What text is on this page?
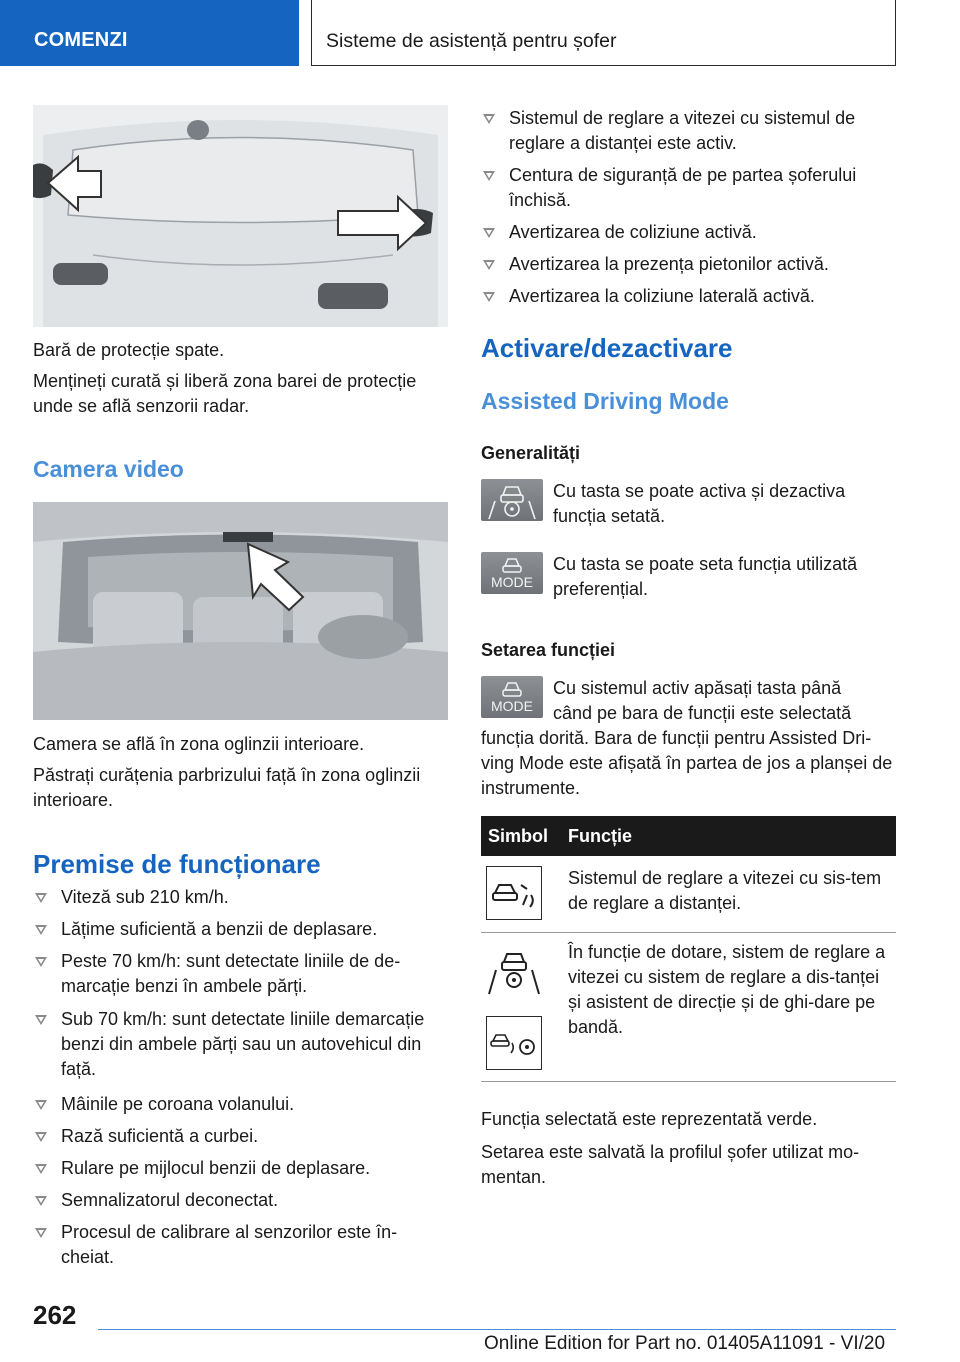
COMENZI	Sisteme de asistență pentru șofer
Bară de protecție spate.
Mențineți curată și liberă zona barei de protecție unde se află senzorii radar.
Camera video
Camera se află în zona oglinzii interioare.
Păstrați curățenia parbrizului față în zona oglinzii interioare.
Premise de funcționare
Viteză sub 210 km/h.
Lățime suficientă a benzii de deplasare.
Peste 70 km/h: sunt detectate liniile de de-marcație benzi în ambele părți.
Sub 70 km/h: sunt detectate liniile demarcație benzi din ambele părți sau un autovehicul din față.
Mâinile pe coroana volanului.
Rază suficientă a curbei.
Rulare pe mijlocul benzii de deplasare.
Semnalizatorul deconectat.
Procesul de calibrare al senzorilor este în-cheiat.
Sistemul de reglare a vitezei cu sistemul de reglare a distanței este activ.
Centura de siguranță de pe partea șoferului închisă.
Avertizarea de coliziune activă.
Avertizarea la prezența pietonilor activă.
Avertizarea la coliziune laterală activă.
Activare/dezactivare
Assisted Driving Mode
Generalități
Cu tasta se poate activa și dezactiva funcția setată.
MODE
Cu tasta se poate seta funcția utilizată preferențial.
Setarea funcției
MODE
Cu sistemul activ apăsați tasta până
când pe bara de funcții este selectată
funcția dorită. Bara de funcții pentru Assisted Dri-ving Mode este afișată în partea de jos a planșei de instrumente.
Simbol Funcție
Sistemul de reglare a vitezei cu sis-tem de reglare a distanței.
În funcție de dotare, sistem de reglare a vitezei cu sistem de reglare a dis-tanței și asistent de direcție și de ghi-dare pe bandă.
Funcția selectată este reprezentată verde.
Setarea este salvată la profilul șofer utilizat mo-mentan.
262
Online Edition for Part no. 01405A11091 - VI/20
